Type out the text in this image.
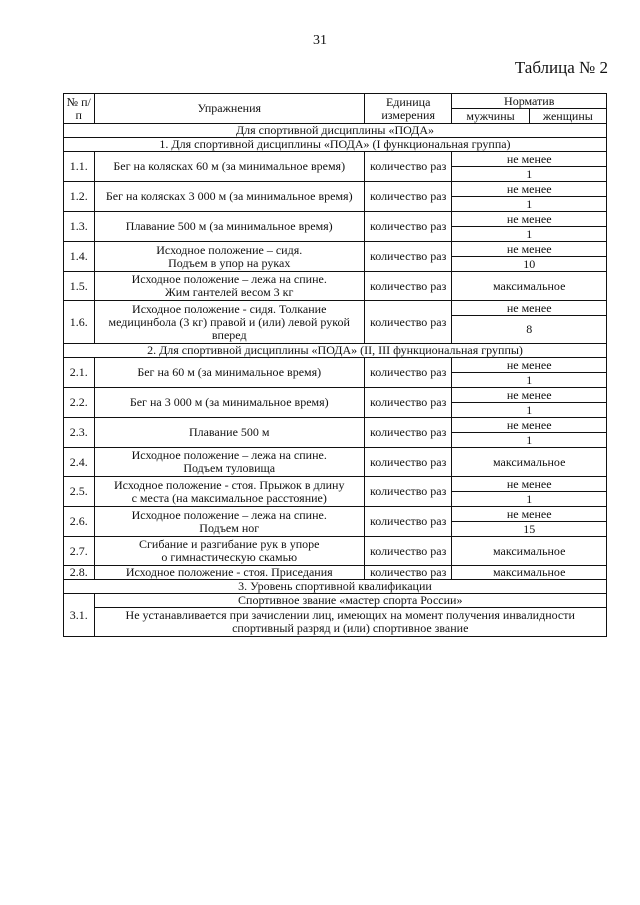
31
Таблица № 2
№ п/п	Упражнения	Единица измерения	Норматив	
			мужчины	женщины
Для спортивной дисциплины «ПОДА»				
1. Для спортивной дисциплины «ПОДА» (I функциональная группа)				
1.1.	Бег на колясках 60 м (за минимальное время)	количество раз	не менее	
			1	
1.2.	Бег на колясках 3 000 м (за минимальное время)	количество раз	не менее	
			1	
1.3.	Плавание 500 м (за минимальное время)	количество раз	не менее	
			1	
1.4.	Исходное положение – сидя.
Подъем в упор на руках	количество раз	не менее	
			10	
1.5.	Исходное положение – лежа на спине.
Жим гантелей весом 3 кг	количество раз	максимальное	
1.6.	Исходное положение - сидя. Толкание
медицинбола (3 кг) правой и (или) левой рукой
вперед	количество раз	не менее	
			8	
2. Для спортивной дисциплины «ПОДА» (II, III функциональная группы)				
2.1.	Бег на 60 м (за минимальное время)	количество раз	не менее	
			1	
2.2.	Бег на 3 000 м (за минимальное время)	количество раз	не менее	
			1	
2.3.	Плавание 500 м	количество раз	не менее	
			1	
2.4.	Исходное положение – лежа на спине.
Подъем туловища	количество раз	максимальное	
2.5.	Исходное положение - стоя. Прыжок в длину
с места (на максимальное расстояние)	количество раз	не менее	
			1	
2.6.	Исходное положение – лежа на спине.
Подъем ног	количество раз	не менее	
			15	
2.7.	Сгибание и разгибание рук в упоре
о гимнастическую скамью	количество раз	максимальное	
2.8.	Исходное положение - стоя. Приседания	количество раз	максимальное	
3. Уровень спортивной квалификации				
3.1.	Спортивное звание «мастер спорта России»			
	Не устанавливается при зачислении лиц, имеющих на момент получения инвалидности
спортивный разряд и (или) спортивное звание			
